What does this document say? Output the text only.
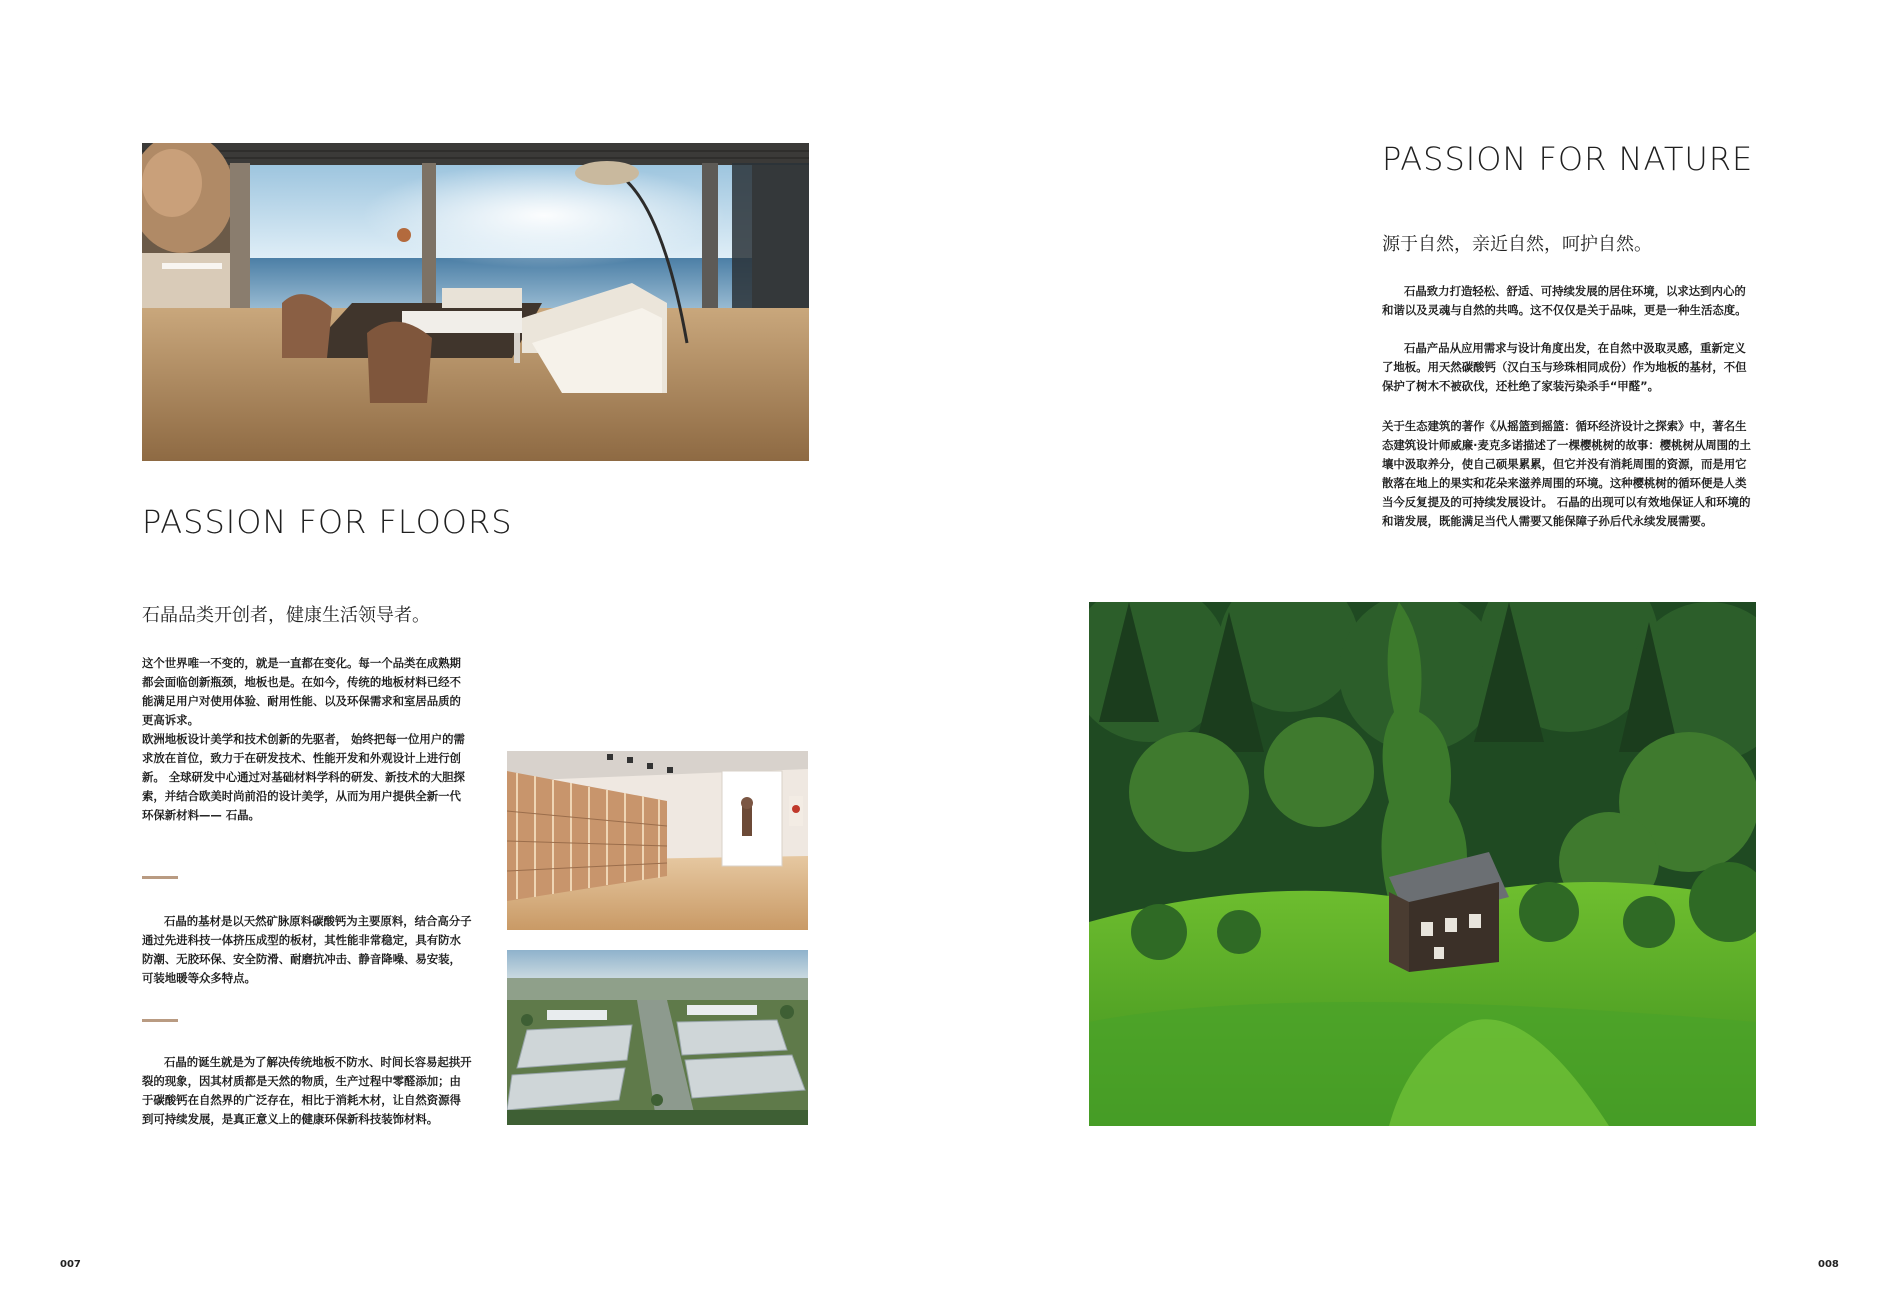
PASSION FOR FLOORS
石晶品类开创者，健康生活领导者。

这个世界唯一不变的，就是一直都在变化。每一个品类在成熟期都会面临创新瓶颈，地板也是。在如今，传统的地板材料已经不能满足用户对使用体验、耐用性能、以及环保需求和室居品质的更高诉求。

欧洲地板设计美学和技术创新的先驱者， 始终把每一位用户的需求放在首位，致力于在研发技术、性能开发和外观设计上进行创新。 全球研发中心通过对基础材料学科的研发、新技术的大胆探索，并结合欧美时尚前沿的设计美学，从而为用户提供全新一代环保新材料—— 石晶。

石晶的基材是以天然矿脉原料碳酸钙为主要原料，结合高分子通过先进科技一体挤压成型的板材，其性能非常稳定，具有防水防潮、无胶环保、安全防滑、耐磨抗冲击、静音降噪、易安装，可装地暖等众多特点。

石晶的诞生就是为了解决传统地板不防水、时间长容易起拱开裂的现象，因其材质都是天然的物质，生产过程中零醛添加；由于碳酸钙在自然界的广泛存在，相比于消耗木材，让自然资源得到可持续发展，是真正意义上的健康环保新科技装饰材料。

007
PASSION FOR NATURE
源于自然，亲近自然，呵护自然。

石晶致力打造轻松、舒适、可持续发展的居住环境，以求达到内心的和谐以及灵魂与自然的共鸣。这不仅仅是关于品味，更是一种生活态度。

石晶产品从应用需求与设计角度出发，在自然中汲取灵感，重新定义了地板。用天然碳酸钙（汉白玉与珍珠相同成份）作为地板的基材，不但保护了树木不被砍伐，还杜绝了家装污染杀手“甲醛”。

关于生态建筑的著作《从摇篮到摇篮：循环经济设计之探索》中，著名生态建筑设计师威廉·麦克多诺描述了一棵樱桃树的故事：樱桃树从周围的土壤中汲取养分，使自己硕果累累，但它并没有消耗周围的资源，而是用它散落在地上的果实和花朵来滋养周围的环境。这种樱桃树的循环便是人类当今反复提及的可持续发展设计。 石晶的出现可以有效地保证人和环境的和谐发展，既能满足当代人需要又能保障子孙后代永续发展需要。

008
